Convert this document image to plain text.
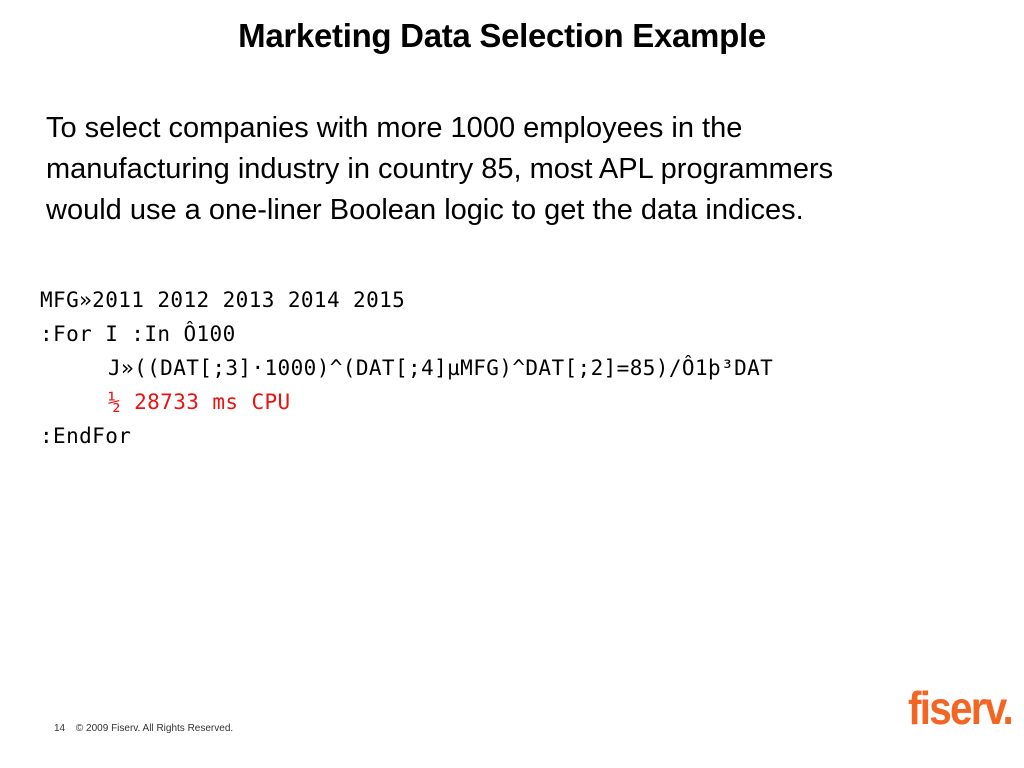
Marketing Data Selection Example
To select companies with more 1000 employees in the
manufacturing industry in country 85, most APL programmers
would use a one-liner Boolean logic to get the data indices.
MFG»2011 2012 2013 2014 2015
:For I :In Ô100
J»((DAT[;3]·1000)^(DAT[;4]µMFG)^DAT[;2]=85)/Ô1þ³DAT
½ 28733 ms CPU
:EndFor
14 © 2009 Fiserv. All Rights Reserved.	fiserv.
